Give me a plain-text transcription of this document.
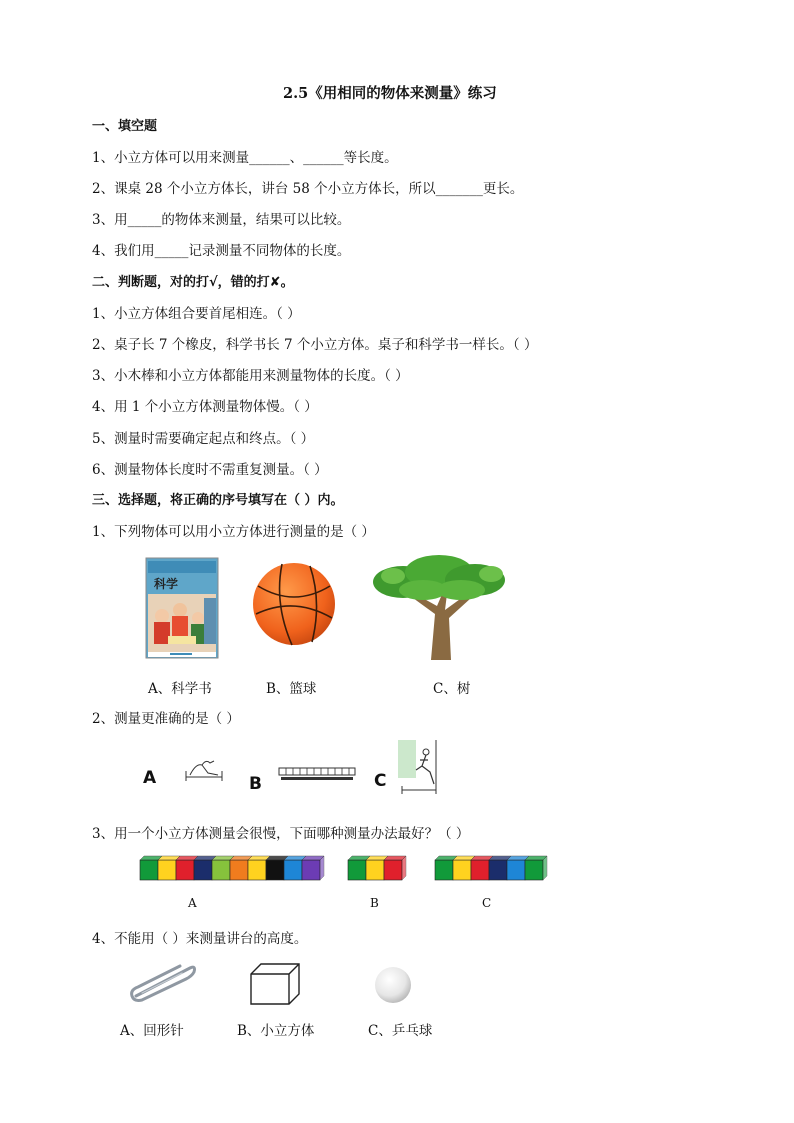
2.5《用相同的物体来测量》练习
一、填空题
1、小立方体可以用来测量______、______等长度。
2、课桌 28 个小立方体长，讲台 58 个小立方体长，所以_______更长。
3、用_____的物体来测量，结果可以比较。
4、我们用_____记录测量不同物体的长度。
二、判断题，对的打√，错的打✘。
1、小立方体组合要首尾相连。（ ）
2、桌子长 7 个橡皮，科学书长 7 个小立方体。桌子和科学书一样长。（ ）
3、小木棒和小立方体都能用来测量物体的长度。（ ）
4、用 1 个小立方体测量物体慢。（ ）
5、测量时需要确定起点和终点。（ ）
6、测量物体长度时不需重复测量。（ ）
三、选择题，将正确的序号填写在（ ）内。
1、下列物体可以用小立方体进行测量的是（ ）
科学
A、科学书	B、篮球	C、树
2、测量更准确的是（ ）
A	B	C
3、用一个小立方体测量会很慢，下面哪种测量办法最好？（ ）
A	B	C
4、不能用（ ）来测量讲台的高度。
A、回形针	B、小立方体	C、乒乓球
